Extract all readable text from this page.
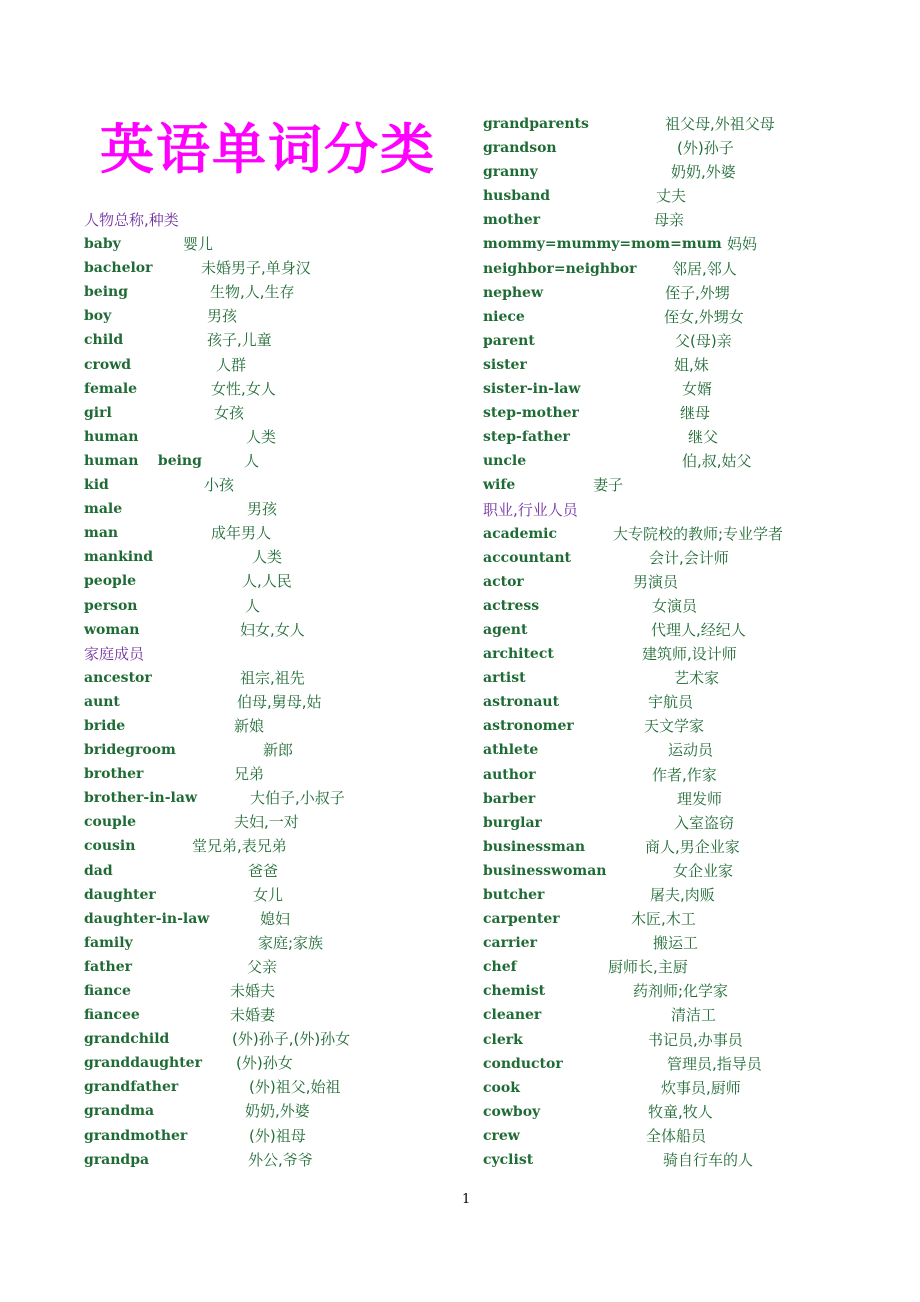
英语单词分类
人物总称,种类
baby	婴儿
bachelor	未婚男子,单身汉
being	生物,人,生存
boy	男孩
child	孩子,儿童
crowd	人群
female	女性,女人
girl	女孩
human	人类
human    being	人
kid	小孩
male	男孩
man	成年男人
mankind	人类
people	人,人民
person	人
woman	妇女,女人
家庭成员
ancestor	祖宗,祖先
aunt	伯母,舅母,姑
bride	新娘
bridegroom	新郎
brother	兄弟
brother-in-law	大伯子,小叔子
couple	夫妇,一对
cousin	堂兄弟,表兄弟
dad	爸爸
daughter	女儿
daughter-in-law	媳妇
family	家庭;家族
father	父亲
fiance	未婚夫
fiancee	未婚妻
grandchild	(外)孙子,(外)孙女
granddaughter (外)孙女
grandfather	(外)祖父,始祖
grandma	奶奶,外婆
grandmother	(外)祖母
grandpa	外公,爷爷
grandparents	祖父母,外祖父母
grandson	(外)孙子
granny	奶奶,外婆
husband	丈夫
mother	母亲
mommy=mummy=mom=mum 妈妈
neighbor=neighbor 邻居,邻人
nephew	侄子,外甥
niece	侄女,外甥女
parent	父(母)亲
sister	姐,妹
sister-in-law	女婿
step-mother	继母
step-father	继父
uncle	伯,叔,姑父
wife	妻子
职业,行业人员
academic	大专院校的教师;专业学者
accountant	会计,会计师
actor	男演员
actress	女演员
agent	代理人,经纪人
architect	建筑师,设计师
artist	艺术家
astronaut	宇航员
astronomer	天文学家
athlete	运动员
author	作者,作家
barber	理发师
burglar	入室盗窃
businessman	商人,男企业家
businesswoman	女企业家
butcher	屠夫,肉贩
carpenter	木匠,木工
carrier	搬运工
chef	厨师长,主厨
chemist	药剂师;化学家
cleaner	清洁工
clerk	书记员,办事员
conductor	管理员,指导员
cook	炊事员,厨师
cowboy	牧童,牧人
crew	全体船员
cyclist	骑自行车的人
1
